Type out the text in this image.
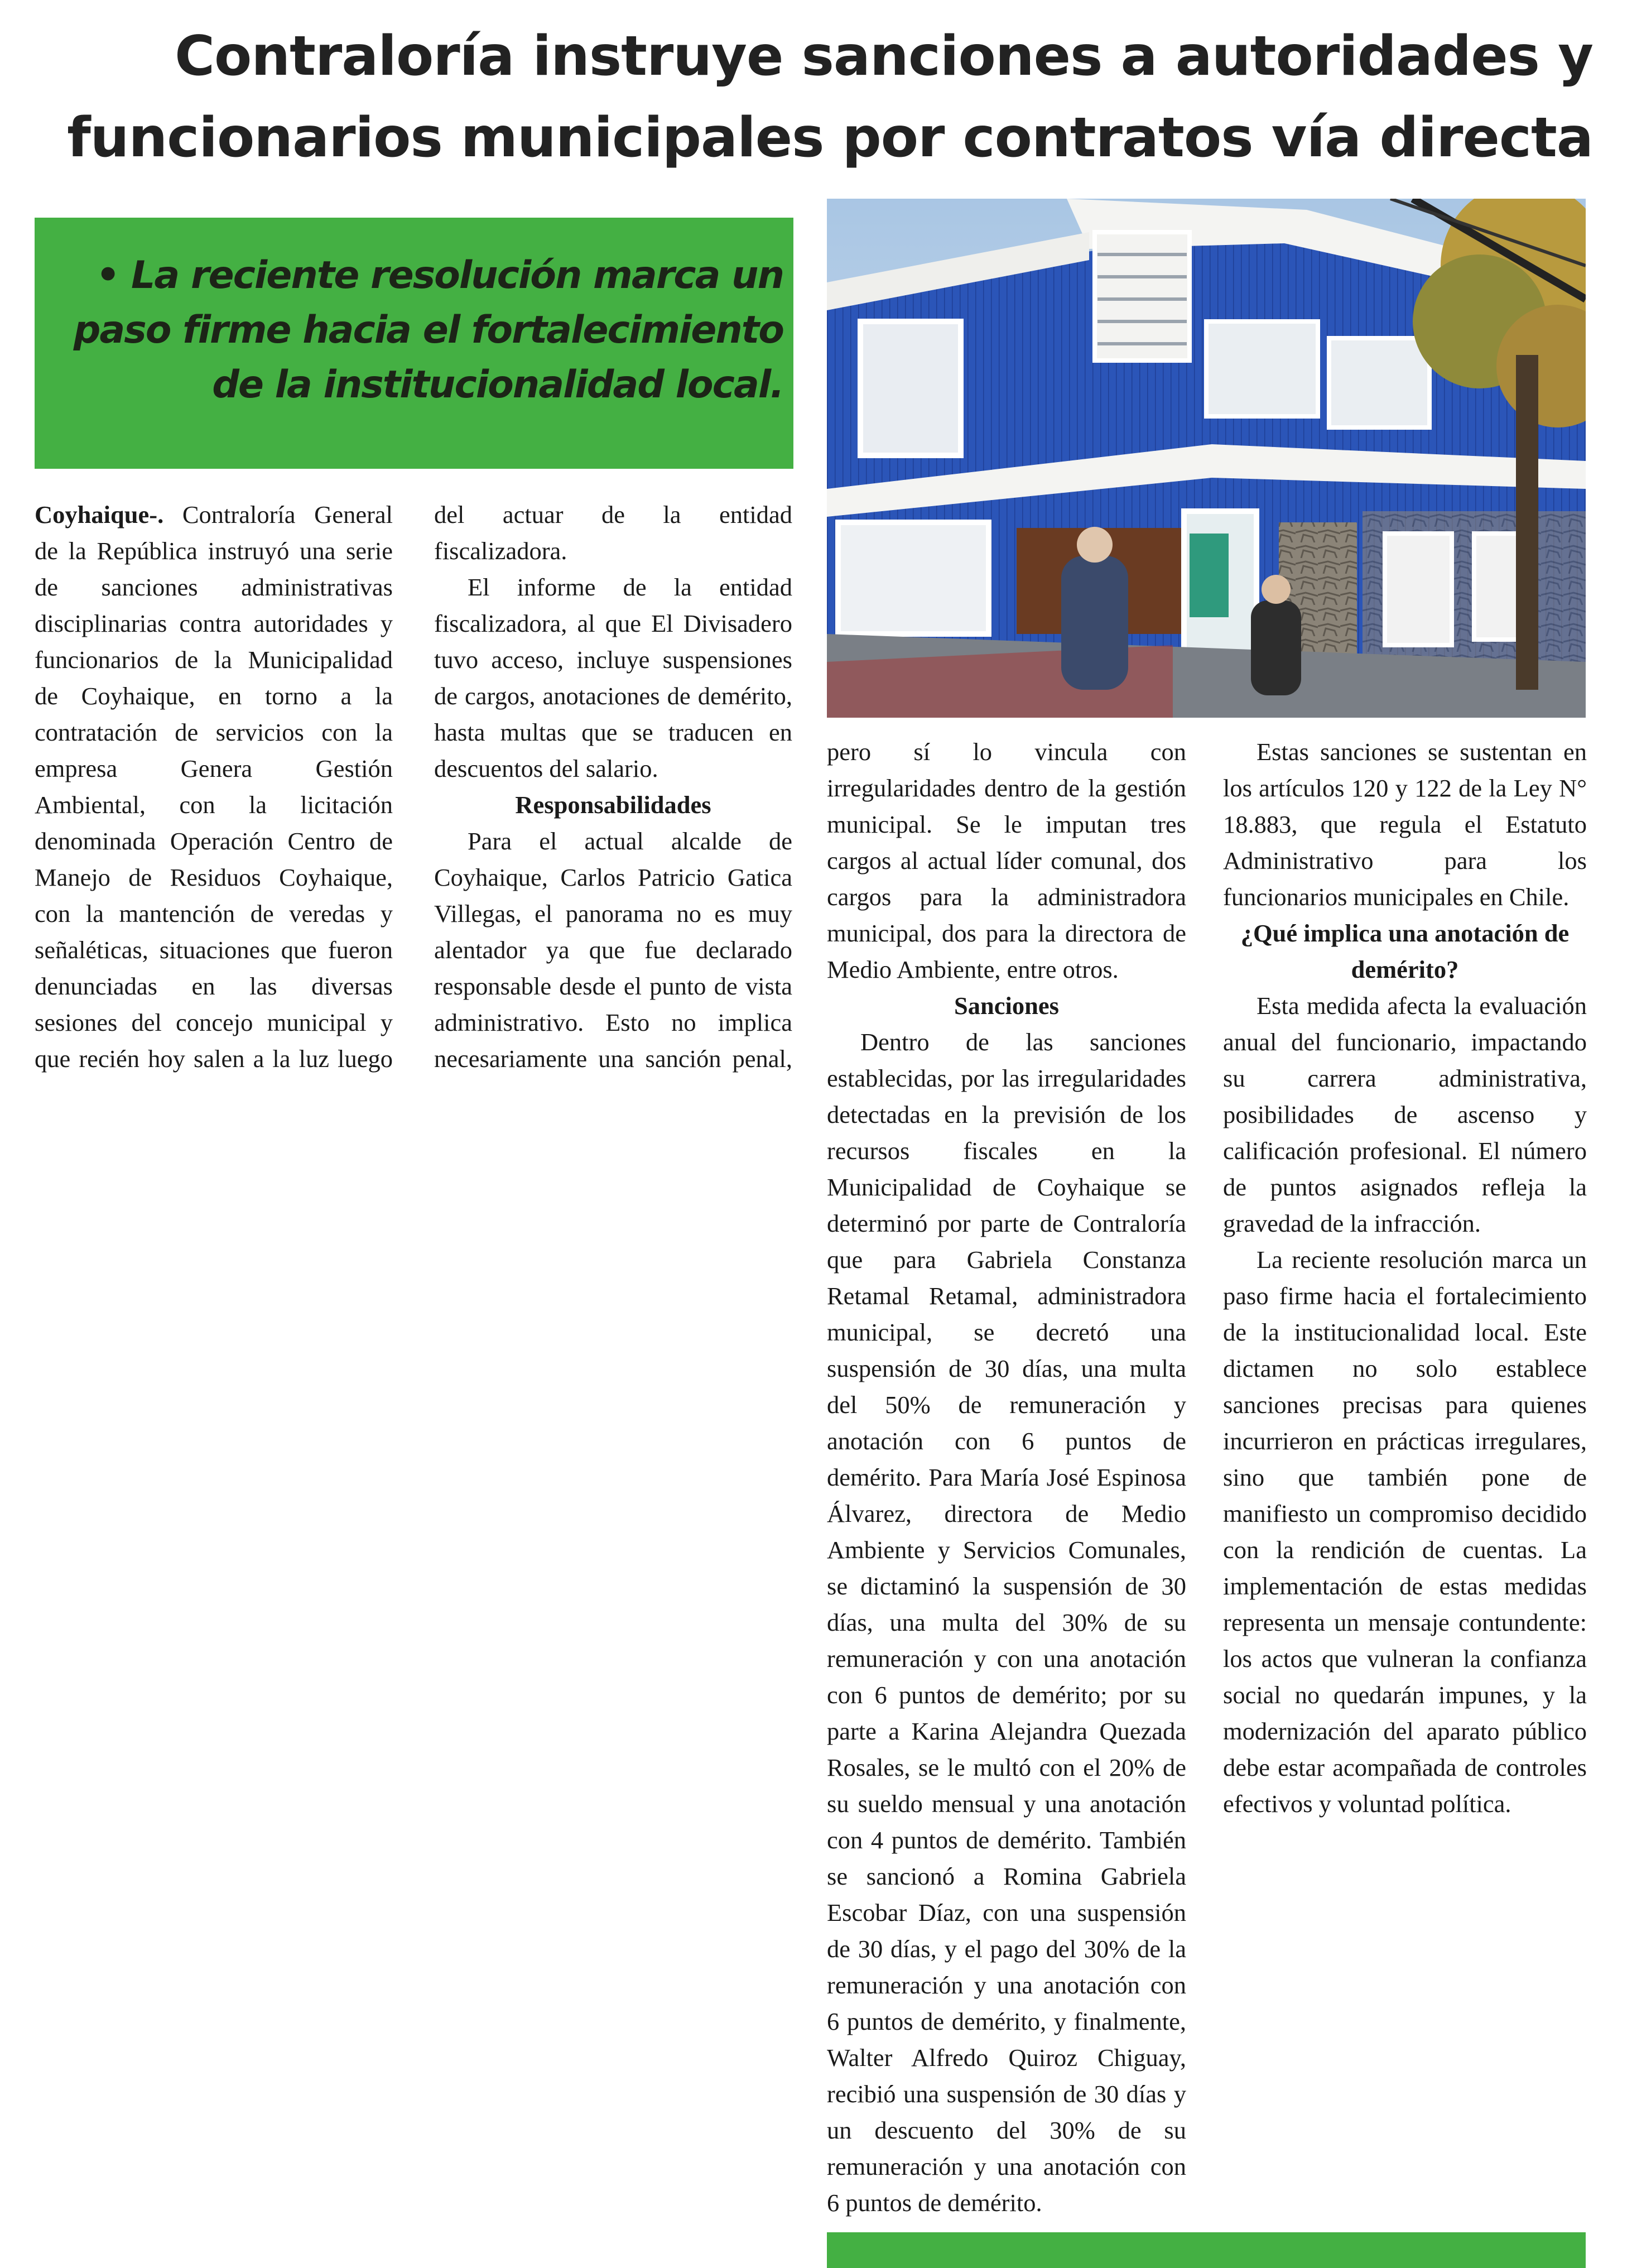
Contraloría instruye sanciones a autoridades y
funcionarios municipales por contratos vía directa
• La reciente resolución marca un
paso firme hacia el fortalecimiento
de la institucionalidad local.

Coyhaique-. Contraloría General de la República instruyó una serie de sanciones administrativas disciplinarias contra autoridades y funcionarios de la Municipalidad de Coyhaique, en torno a la contratación de servicios con la empresa Genera Gestión Ambiental, con la licitación denominada Operación Centro de Manejo de Residuos Coyhaique, con la mantención de veredas y señaléticas, situaciones que fueron denunciadas en las diversas sesiones del concejo municipal y que recién hoy salen a la luz luego

del actuar de la entidad fiscalizadora.

El informe de la entidad fiscalizadora, al que El Divisadero tuvo acceso, incluye suspensiones de cargos, anotaciones de demérito, hasta multas que se traducen en descuentos del salario.

Responsabilidades

Para el actual alcalde de Coyhaique, Carlos Patricio Gatica Villegas, el panorama no es muy alentador ya que fue declarado responsable desde el punto de vista administrativo. Esto no implica necesariamente una sanción penal,

pero sí lo vincula con irregularidades dentro de la gestión municipal. Se le imputan tres cargos al actual líder comunal, dos cargos para la administradora municipal, dos para la directora de Medio Ambiente, entre otros.

Sanciones

Dentro de las sanciones establecidas, por las irregularidades detectadas en la previsión de los recursos fiscales en la Municipalidad de Coyhaique se determinó por parte de Contraloría que para Gabriela Constanza Retamal Retamal, administradora municipal, se decretó una suspensión de 30 días, una multa del 50% de remuneración y anotación con 6 puntos de demérito. Para María José Espinosa Álvarez, directora de Medio Ambiente y Servicios Comunales, se dictaminó la suspensión de 30 días, una multa del 30% de su remuneración y con una anotación con 6 puntos de demérito; por su parte a Karina Alejandra Quezada Rosales, se le multó con el 20% de su sueldo mensual y una anotación con 4 puntos de demérito. También se sancionó a Romina Gabriela Escobar Díaz, con una suspensión de 30 días, y el pago del 30% de la remuneración y una anotación con 6 puntos de demérito, y finalmente, Walter Alfredo Quiroz Chiguay, recibió una suspensión de 30 días y un descuento del 30% de su remuneración y una anotación con 6 puntos de demérito.

Estas sanciones se sustentan en los artículos 120 y 122 de la Ley N° 18.883, que regula el Estatuto Administrativo para los funcionarios municipales en Chile.

¿Qué implica una anotación de demérito?

Esta medida afecta la evaluación anual del funcionario, impactando su carrera administrativa, posibilidades de ascenso y calificación profesional. El número de puntos asignados refleja la gravedad de la infracción.

La reciente resolución marca un paso firme hacia el fortalecimiento de la institucionalidad local. Este dictamen no solo establece sanciones precisas para quienes incurrieron en prácticas irregulares, sino que también pone de manifiesto un compromiso decidido con la rendición de cuentas. La implementación de estas medidas representa un mensaje contundente: los actos que vulneran la confianza social no quedarán impunes, y la modernización del aparato público debe estar acompañada de controles efectivos y voluntad política.
